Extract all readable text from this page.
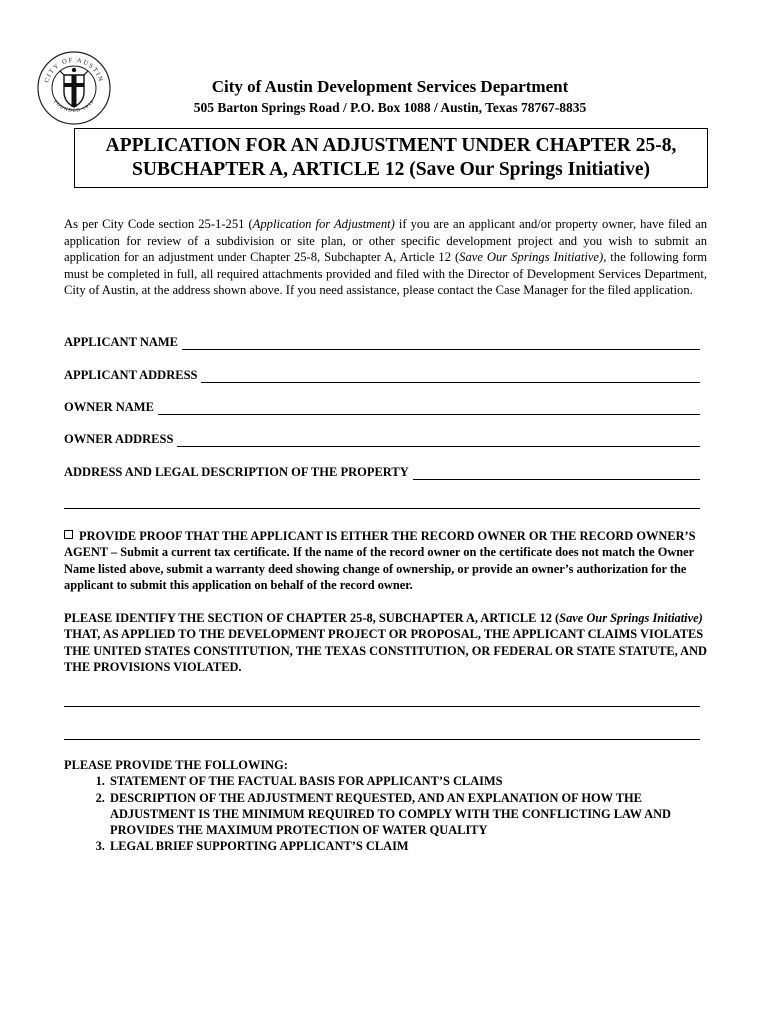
CITY OF AUSTIN
FOUNDED 1839
City of Austin Development Services Department
505 Barton Springs Road / P.O. Box 1088 / Austin, Texas 78767-8835
APPLICATION FOR AN ADJUSTMENT UNDER CHAPTER 25-8,
SUBCHAPTER A, ARTICLE 12 (Save Our Springs Initiative)
As per City Code section 25-1-251 (Application for Adjustment) if you are an applicant and/or property owner, have filed an application for review of a subdivision or site plan, or other specific development project and you wish to submit an application for an adjustment under Chapter 25-8, Subchapter A, Article 12 (Save Our Springs Initiative), the following form must be completed in full, all required attachments provided and filed with the Director of Development Services Department, City of Austin, at the address shown above. If you need assistance, please contact the Case Manager for the filed application.
APPLICANT NAME
APPLICANT ADDRESS
OWNER NAME
OWNER ADDRESS
ADDRESS AND LEGAL DESCRIPTION OF THE PROPERTY
PROVIDE PROOF THAT THE APPLICANT IS EITHER THE RECORD OWNER OR THE RECORD OWNER’S AGENT – Submit a current tax certificate. If the name of the record owner on the certificate does not match the Owner Name listed above, submit a warranty deed showing change of ownership, or provide an owner’s authorization for the applicant to submit this application on behalf of the record owner.
PLEASE IDENTIFY THE SECTION OF CHAPTER 25-8, SUBCHAPTER A, ARTICLE 12 (Save Our Springs Initiative) THAT, AS APPLIED TO THE DEVELOPMENT PROJECT OR PROPOSAL, THE APPLICANT CLAIMS VIOLATES THE UNITED STATES CONSTITUTION, THE TEXAS CONSTITUTION, OR FEDERAL OR STATE STATUTE, AND THE PROVISIONS VIOLATED.
PLEASE PROVIDE THE FOLLOWING:
1. STATEMENT OF THE FACTUAL BASIS FOR APPLICANT’S CLAIMS
2. DESCRIPTION OF THE ADJUSTMENT REQUESTED, AND AN EXPLANATION OF HOW THE ADJUSTMENT IS THE MINIMUM REQUIRED TO COMPLY WITH THE CONFLICTING LAW AND PROVIDES THE MAXIMUM PROTECTION OF WATER QUALITY
3. LEGAL BRIEF SUPPORTING APPLICANT’S CLAIM
